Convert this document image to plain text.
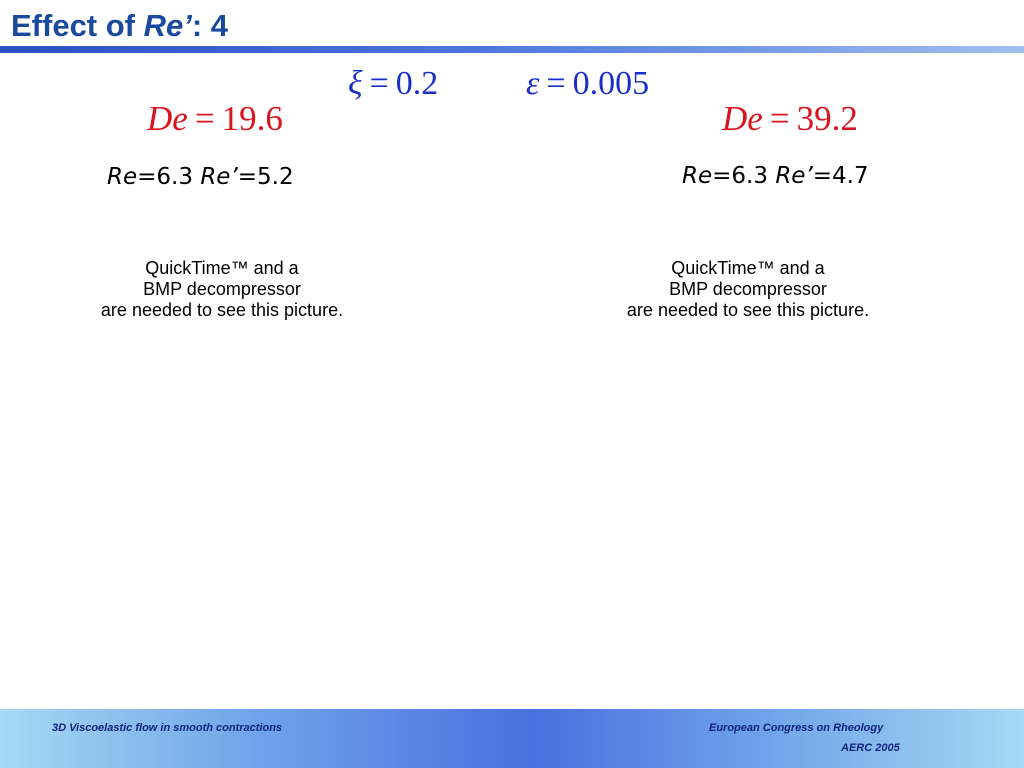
Effect of Re’: 4
ξ = 0.2	ε = 0.005
De = 19.6	De = 39.2
Re=6.3 Re’=5.2	Re=6.3 Re’=4.7
QuickTime™ and a
BMP decompressor
are needed to see this picture.
QuickTime™ and a
BMP decompressor
are needed to see this picture.
3D Viscoelastic flow in smooth contractions	European Congress on Rheology
AERC 2005
